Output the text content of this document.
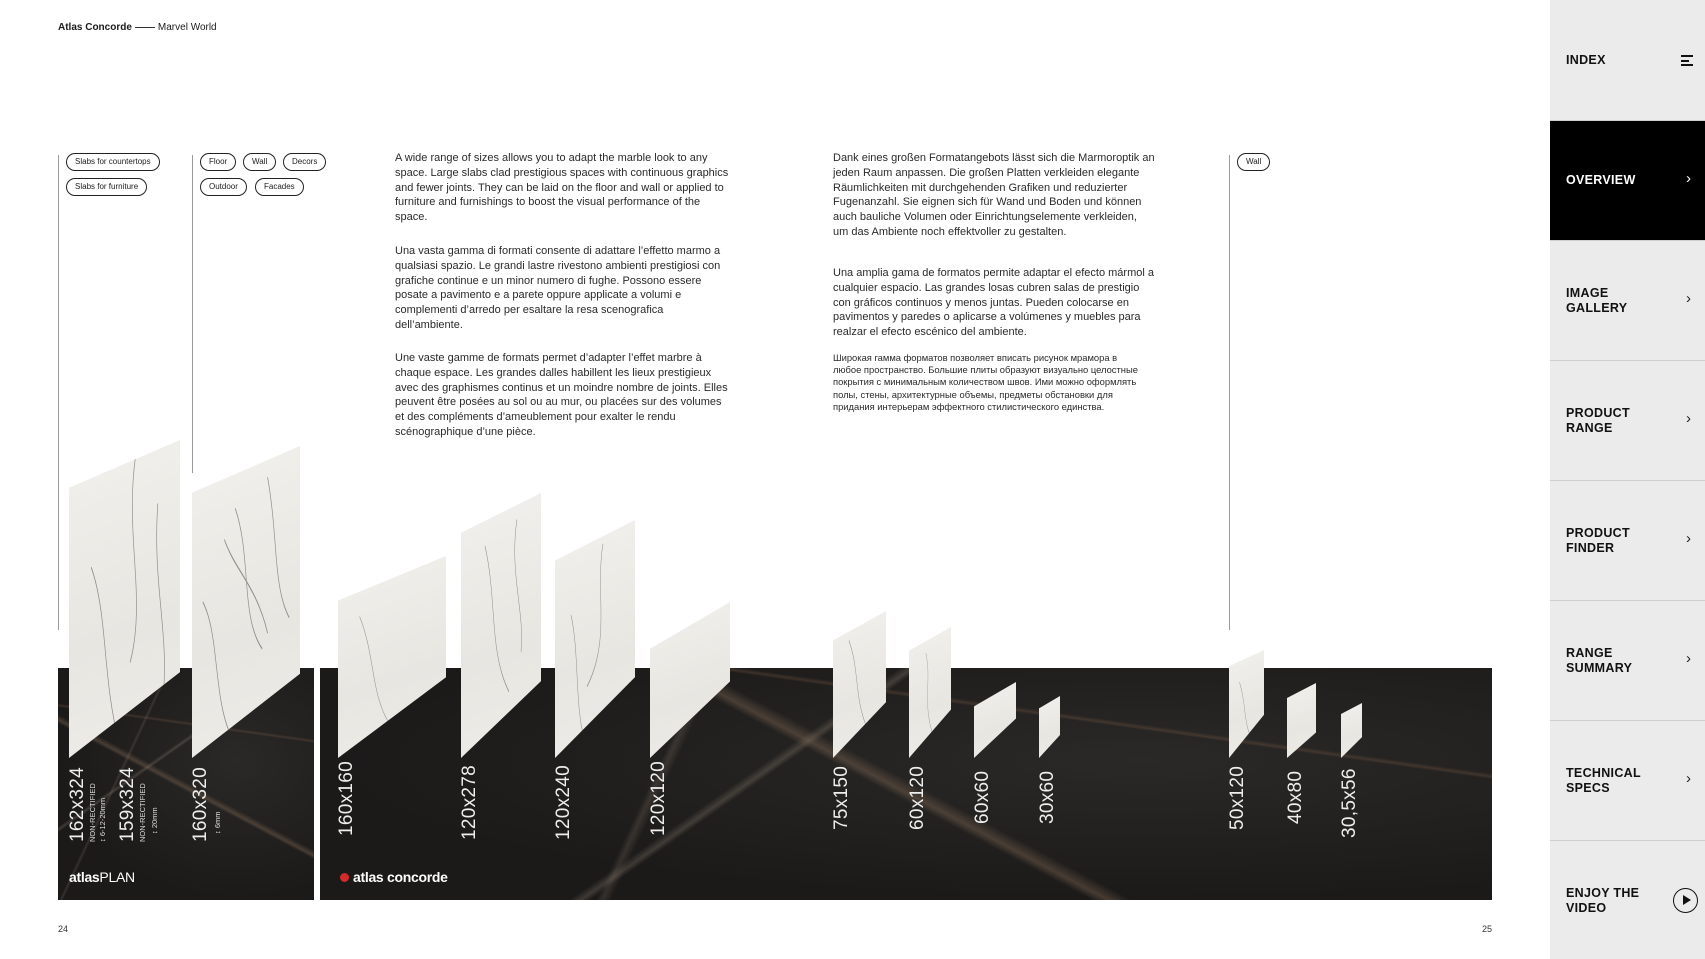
Atlas Concorde	Marvel World
Slabs for countertops
Slabs for furniture
Floor	Wall	Decors
Outdoor	Facades
Wall

A wide range of sizes allows you to adapt the marble look to any space. Large slabs clad prestigious spaces with continuous graphics and fewer joints. They can be laid on the floor and wall or applied to furniture and furnishings to boost the visual performance of the space.

Una vasta gamma di formati consente di adattare l’effetto marmo a qualsiasi spazio. Le grandi lastre rivestono ambienti prestigiosi con grafiche continue e un minor numero di fughe. Possono essere posate a pavimento e a parete oppure applicate a volumi e complementi d’arredo per esaltare la resa scenografica dell’ambiente.

Une vaste gamme de formats permet d’adapter l’effet marbre à chaque espace. Les grandes dalles habillent les lieux prestigieux avec des graphismes continus et un moindre nombre de joints. Elles peuvent être posées au sol ou au mur, ou placées sur des volumes et des compléments d’ameublement pour exalter le rendu scénographique d’une pièce.

Dank eines großen Formatangebots lässt sich die Marmoroptik an jeden Raum anpassen. Die großen Platten verkleiden elegante Räumlichkeiten mit durchgehenden Grafiken und reduzierter Fugenanzahl. Sie eignen sich für Wand und Boden und können auch bauliche Volumen oder Einrichtungselemente verkleiden, um das Ambiente noch effektvoller zu gestalten.

Una amplia gama de formatos permite adaptar el efecto mármol a cualquier espacio. Las grandes losas cubren salas de prestigio con gráficos continuos y menos juntas. Pueden colocarse en pavimentos y paredes o aplicarse a volúmenes y muebles para realzar el efecto escénico del ambiente.

Широкая гамма форматов позволяет вписать рисунок мрамора в любое пространство. Большие плиты образуют визуально целостные покрытия с минимальным количеством швов. Ими можно оформлять полы, стены, архитектурные объемы, предметы обстановки для придания интерьерам эффектного стилистического единства.

162x324 NON-RECTIFIED ↕ 6-12-20mm 159x324 NON-RECTIFIED ↕ 20mm 160x320 ↕ 6mm	160x160	120x278	120x240	120x120	75x150	60x120 60x60 30x60	50x120 40x80 30,5x56
atlasPLAN	atlas concorde
24	25
INDEX
OVERVIEW	›
IMAGE GALLERY
›
PRODUCT RANGE
›
PRODUCT FINDER
›
RANGE SUMMARY
›
TECHNICAL SPECS
›
ENJOY THE VIDEO
